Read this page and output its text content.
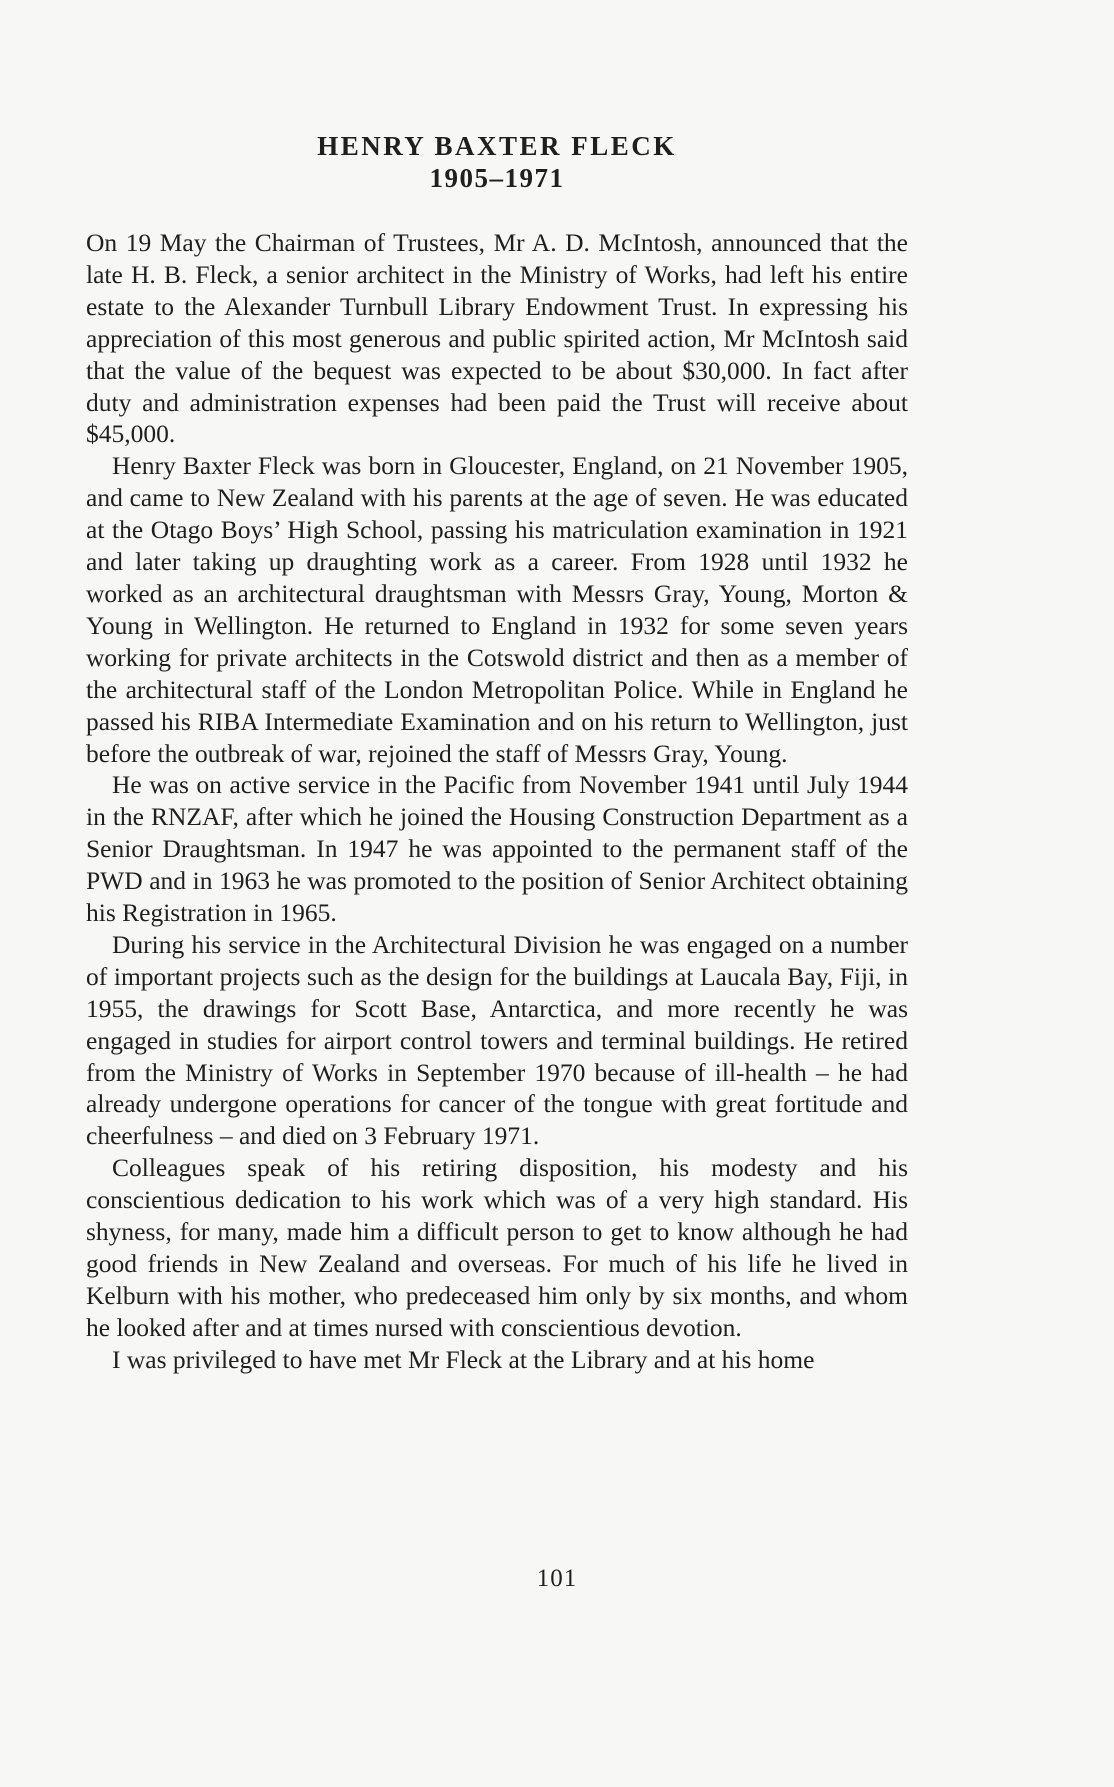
HENRY BAXTER FLECK
1905–1971

On 19 May the Chairman of Trustees, Mr A. D. McIntosh, announced that the late H. B. Fleck, a senior architect in the Ministry of Works, had left his entire estate to the Alexander Turnbull Library Endowment Trust. In expressing his appreciation of this most generous and public spirited action, Mr McIntosh said that the value of the bequest was expected to be about $30,000. In fact after duty and administration expenses had been paid the Trust will receive about $45,000.

Henry Baxter Fleck was born in Gloucester, England, on 21 November 1905, and came to New Zealand with his parents at the age of seven. He was educated at the Otago Boys’ High School, passing his matriculation examination in 1921 and later taking up draughting work as a career. From 1928 until 1932 he worked as an architectural draughtsman with Messrs Gray, Young, Morton & Young in Wellington. He returned to England in 1932 for some seven years working for private architects in the Cotswold district and then as a member of the architectural staff of the London Metropolitan Police. While in England he passed his RIBA Intermediate Examination and on his return to Wellington, just before the outbreak of war, rejoined the staff of Messrs Gray, Young.

He was on active service in the Pacific from November 1941 until July 1944 in the RNZAF, after which he joined the Housing Construction Department as a Senior Draughtsman. In 1947 he was appointed to the permanent staff of the PWD and in 1963 he was promoted to the position of Senior Architect obtaining his Registration in 1965.

During his service in the Architectural Division he was engaged on a number of important projects such as the design for the buildings at Laucala Bay, Fiji, in 1955, the drawings for Scott Base, Antarctica, and more recently he was engaged in studies for airport control towers and terminal buildings. He retired from the Ministry of Works in September 1970 because of ill-health – he had already undergone operations for cancer of the tongue with great fortitude and cheerfulness – and died on 3 February 1971.

Colleagues speak of his retiring disposition, his modesty and his conscientious dedication to his work which was of a very high standard. His shyness, for many, made him a difficult person to get to know although he had good friends in New Zealand and overseas. For much of his life he lived in Kelburn with his mother, who predeceased him only by six months, and whom he looked after and at times nursed with conscientious devotion.

I was privileged to have met Mr Fleck at the Library and at his home

101
